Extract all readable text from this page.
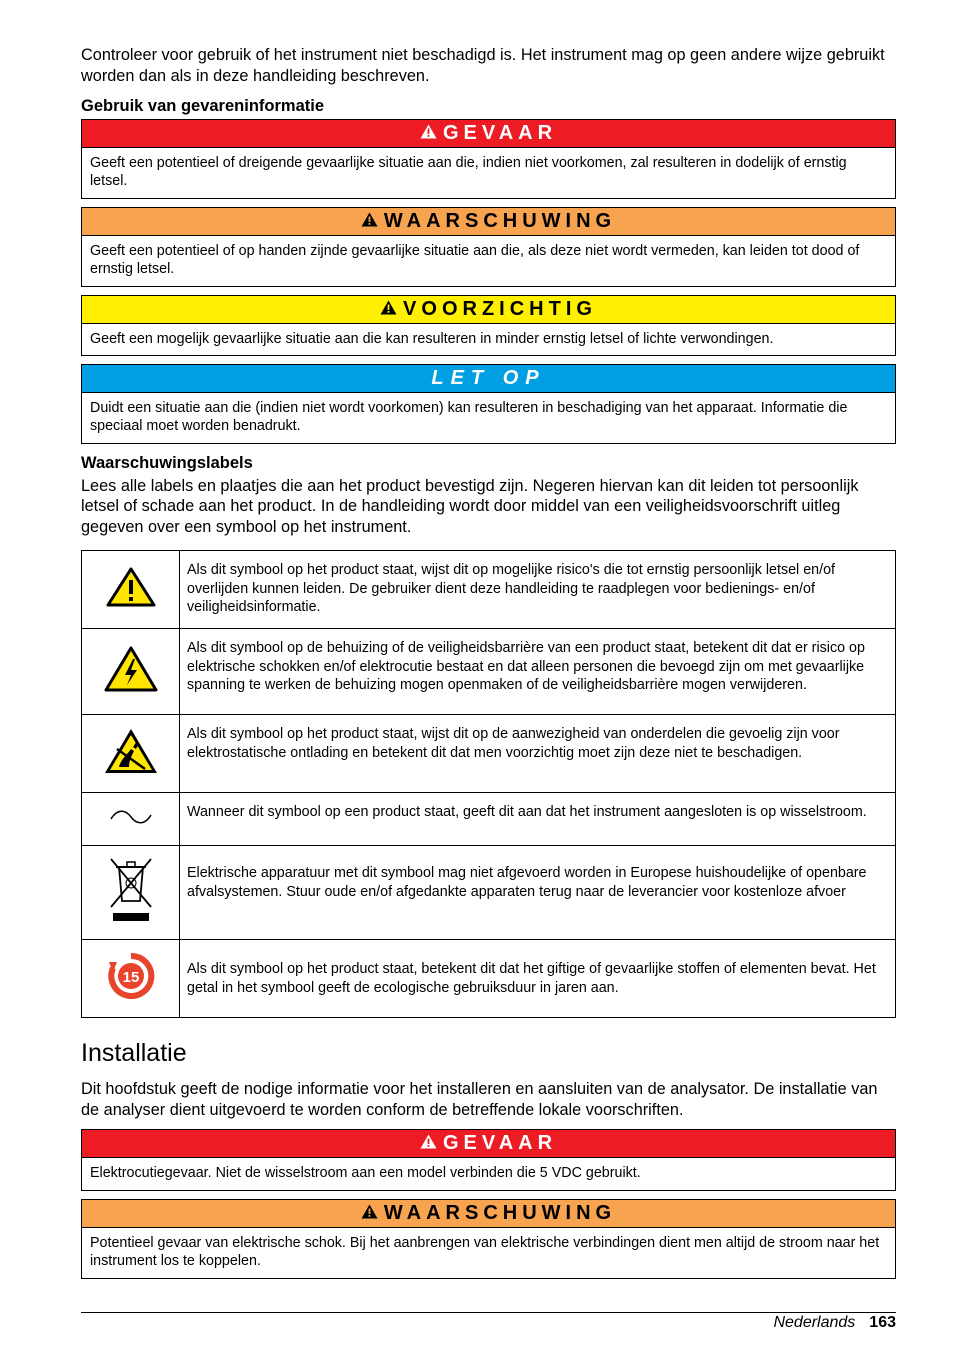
Controleer voor gebruik of het instrument niet beschadigd is. Het instrument mag op geen andere wijze gebruikt worden dan als in deze handleiding beschreven.

Gebruik van gevareninformatie
GEVAAR
Geeft een potentieel of dreigende gevaarlijke situatie aan die, indien niet voorkomen, zal resulteren in dodelijk of ernstig letsel.
WAARSCHUWING
Geeft een potentieel of op handen zijnde gevaarlijke situatie aan die, als deze niet wordt vermeden, kan leiden tot dood of ernstig letsel.
VOORZICHTIG
Geeft een mogelijk gevaarlijke situatie aan die kan resulteren in minder ernstig letsel of lichte verwondingen.
LET OP
Duidt een situatie aan die (indien niet wordt voorkomen) kan resulteren in beschadiging van het apparaat. Informatie die speciaal moet worden benadrukt.
Waarschuwingslabels

Lees alle labels en plaatjes die aan het product bevestigd zijn. Negeren hiervan kan dit leiden tot persoonlijk letsel of schade aan het product. In de handleiding wordt door middel van een veiligheidsvoorschrift uitleg gegeven over een symbool op het instrument.

	Als dit symbool op het product staat, wijst dit op mogelijke risico's die tot ernstig persoonlijk letsel en/of overlijden kunnen leiden. De gebruiker dient deze handleiding te raadplegen voor bedienings- en/of veiligheidsinformatie.
	Als dit symbool op de behuizing of de veiligheidsbarrière van een product staat, betekent dit dat er risico op elektrische schokken en/of elektrocutie bestaat en dat alleen personen die bevoegd zijn om met gevaarlijke spanning te werken de behuizing mogen openmaken of de veiligheidsbarrière mogen verwijderen.
	Als dit symbool op het product staat, wijst dit op de aanwezigheid van onderdelen die gevoelig zijn voor elektrostatische ontlading en betekent dit dat men voorzichtig moet zijn deze niet te beschadigen.
	Wanneer dit symbool op een product staat, geeft dit aan dat het instrument aangesloten is op wisselstroom.
	Elektrische apparatuur met dit symbool mag niet afgevoerd worden in Europese huishoudelijke of openbare afvalsystemen. Stuur oude en/of afgedankte apparaten terug naar de leverancier voor kostenloze afvoer

15	Als dit symbool op het product staat, betekent dit dat het giftige of gevaarlijke stoffen of elementen bevat. Het getal in het symbool geeft de ecologische gebruiksduur in jaren aan.
Installatie

Dit hoofdstuk geeft de nodige informatie voor het installeren en aansluiten van de analysator. De installatie van de analyser dient uitgevoerd te worden conform de betreffende lokale voorschriften.

GEVAAR
Elektrocutiegevaar. Niet de wisselstroom aan een model verbinden die 5 VDC gebruikt.
WAARSCHUWING
Potentieel gevaar van elektrische schok. Bij het aanbrengen van elektrische verbindingen dient men altijd de stroom naar het instrument los te koppelen.
Nederlands 163
